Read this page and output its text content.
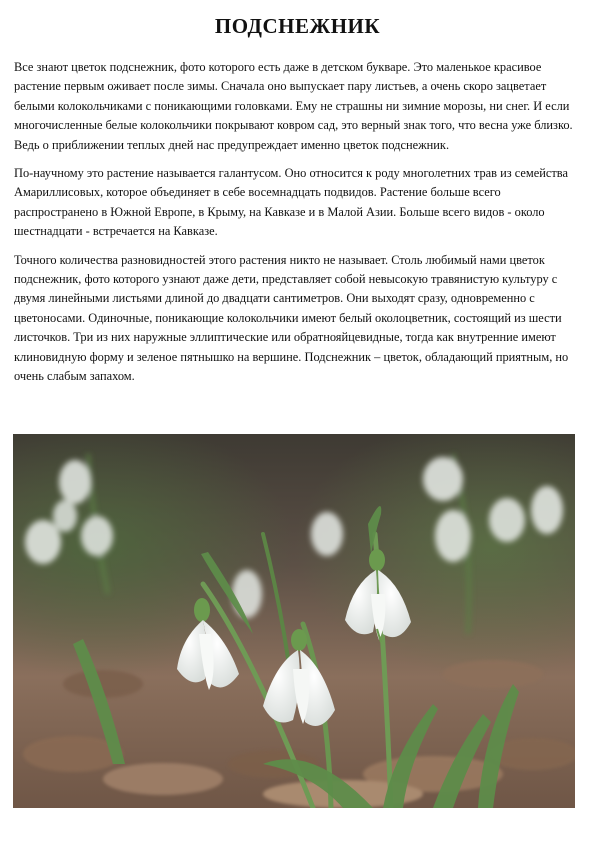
ПОДСНЕЖНИК

Все знают цветок подснежник, фото которого есть даже в детском букваре. Это маленькое красивое растение первым оживает после зимы. Сначала оно выпускает пару листьев, а очень скоро зацветает белыми колокольчиками с поникающими головками. Ему не страшны ни зимние морозы, ни снег. И если многочисленные белые колокольчики покрывают ковром сад, это верный знак того, что весна уже близко. Ведь о приближении теплых дней нас предупреждает именно цветок подснежник.

По-научному это растение называется галантусом. Оно относится к роду многолетних трав из семейства Амариллисовых, которое объединяет в себе восемнадцать подвидов. Растение больше всего распространено в Южной Европе, в Крыму, на Кавказе и в Малой Азии. Больше всего видов - около шестнадцати - встречается на Кавказе.

Точного количества разновидностей этого растения никто не называет. Столь любимый нами цветок подснежник, фото которого узнают даже дети, представляет собой невысокую травянистую культуру с двумя линейными листьями длиной до двадцати сантиметров. Они выходят сразу, одновременно с цветоносами. Одиночные, поникающие колокольчики имеют белый околоцветник, состоящий из шести листочков. Три из них наружные эллиптические или обратнояйцевидные, тогда как внутренние имеют клиновидную форму и зеленое пятнышко на вершине. Подснежник – цветок, обладающий приятным, но очень слабым запахом.
